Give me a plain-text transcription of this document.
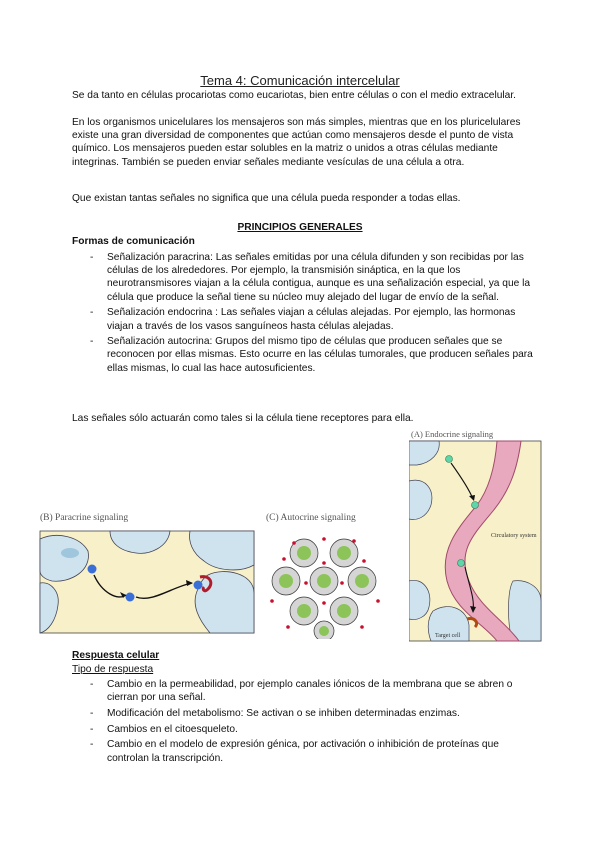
Tema 4: Comunicación intercelular

Se da tanto en células procariotas como eucariotas, bien entre células o con el medio extracelular.

En los organismos unicelulares los mensajeros son más simples, mientras que en los pluricelulares existe una gran diversidad de componentes que actúan como mensajeros desde el punto de vista químico. Los mensajeros pueden estar solubles en la matriz o unidos a otras células mediante integrinas. También se pueden enviar señales mediante vesículas de una célula a otra.

Que existan tantas señales no significa que una célula pueda responder a todas ellas.

PRINCIPIOS GENERALES
Formas de comunicación
- Señalización paracrina: Las señales emitidas por una célula difunden y son recibidas por las células de los alrededores. Por ejemplo, la transmisión sináptica, en la que los neurotransmisores viajan a la célula contigua, aunque es una señalización especial, ya que la célula que produce la señal tiene su núcleo muy alejado del lugar de envío de la señal.
- Señalización endocrina : Las señales viajan a células alejadas. Por ejemplo, las hormonas viajan a través de los vasos sanguíneos hasta células alejadas.
- Señalización autocrina: Grupos del mismo tipo de células que producen señales que se reconocen por ellas mismas. Esto ocurre en las células tumorales, que producen señales para ellas mismas, lo cual las hace autosuficientes.

Las señales sólo actuarán como tales si la célula tiene receptores para ella.

(B) Paracrine signaling	(C) Autocrine signaling
(A) Endocrine signaling
Circulatory system
Target cell
Respuesta celular
Tipo de respuesta
- Cambio en la permeabilidad, por ejemplo canales iónicos de la membrana que se abren o cierran por una señal.
- Modificación del metabolismo: Se activan o se inhiben determinadas enzimas.
- Cambios en el citoesqueleto.
- Cambio en el modelo de expresión génica, por activación o inhibición de proteínas que controlan la transcripción.
